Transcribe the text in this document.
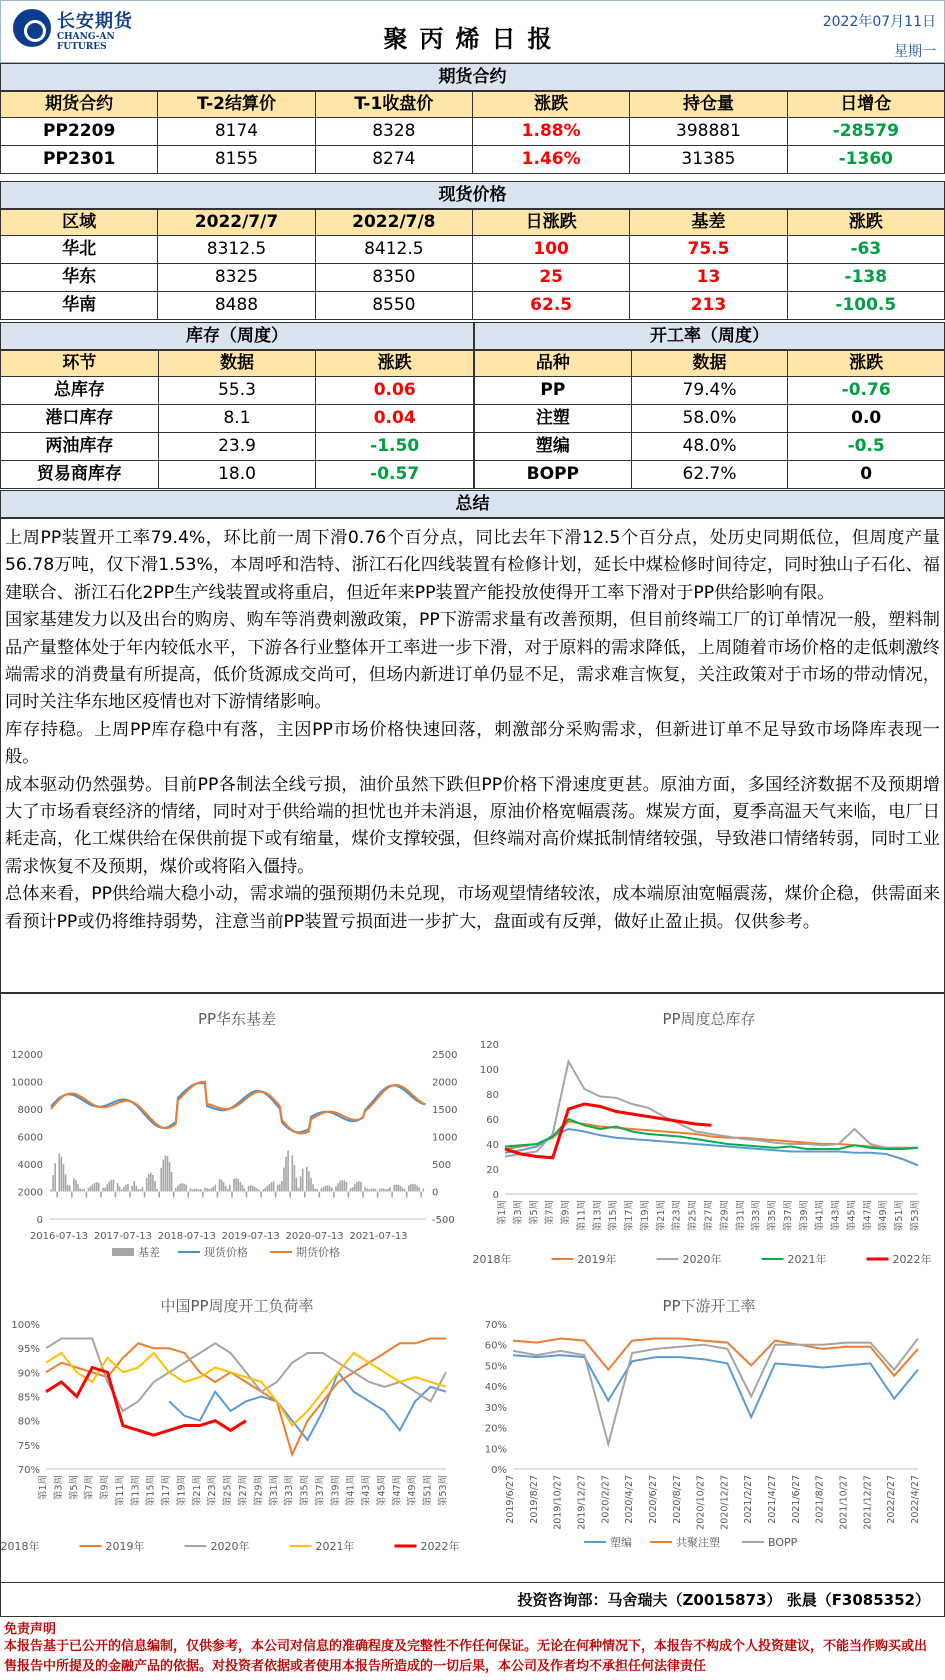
长安期货
CHANG-AN FUTURES	聚丙烯日报
2022年07月11日
星期一
期货合约
期货合约	T-2结算价	T-1收盘价	涨跌	持仓量	日增仓
PP2209	8174	8328	1.88%	398881	-28579
PP2301	8155	8274	1.46%	31385	-1360
现货价格
区域	2022/7/7	2022/7/8	日涨跌	基差	涨跌
华北	8312.5	8412.5	100	75.5	-63
华东	8325	8350	25	13	-138
华南	8488	8550	62.5	213	-100.5
库存（周度）
环节	数据	涨跌
总库存	55.3	0.06
港口库存	8.1	0.04
两油库存	23.9	-1.50
贸易商库存	18.0	-0.57
开工率（周度）
品种	数据	涨跌
PP	79.4%	-0.76
注塑	58.0%	0.0
塑编	48.0%	-0.5
BOPP	62.7%	0
总结

上周PP装置开工率79.4%，环比前一周下滑0.76个百分点，同比去年下滑12.5个百分点，处历史同期低位，但周度产量56.78万吨，仅下滑1.53%，本周呼和浩特、浙江石化四线装置有检修计划，延长中煤检修时间待定，同时独山子石化、福建联合、浙江石化2PP生产线装置或将重启，但近年来PP装置产能投放使得开工率下滑对于PP供给影响有限。

国家基建发力以及出台的购房、购车等消费刺激政策，PP下游需求量有改善预期，但目前终端工厂的订单情况一般，塑料制品产量整体处于年内较低水平，下游各行业整体开工率进一步下滑，对于原料的需求降低，上周随着市场价格的走低刺激终端需求的消费量有所提高，低价货源成交尚可，但场内新进订单仍显不足，需求难言恢复，关注政策对于市场的带动情况，同时关注华东地区疫情也对下游情绪影响。

库存持稳。上周PP库存稳中有落，主因PP市场价格快速回落，刺激部分采购需求，但新进订单不足导致市场降库表现一般。

成本驱动仍然强势。目前PP各制法全线亏损，油价虽然下跌但PP价格下滑速度更甚。原油方面，多国经济数据不及预期增大了市场看衰经济的情绪，同时对于供给端的担忧也并未消退，原油价格宽幅震荡。煤炭方面，夏季高温天气来临，电厂日耗走高，化工煤供给在保供前提下或有缩量，煤价支撑较强，但终端对高价煤抵制情绪较强，导致港口情绪转弱，同时工业需求恢复不及预期，煤价或将陷入僵持。

总体来看，PP供给端大稳小动，需求端的强预期仍未兑现，市场观望情绪较浓，成本端原油宽幅震荡，煤价企稳，供需面来看预计PP或仍将维持弱势，注意当前PP装置亏损面进一步扩大，盘面或有反弹，做好止盈止损。仅供参考。

PP华东基差
12000
10000
8000
6000
4000
2000
0
基差	现货价格	期货价格
2500
2000
1500
1000
500
0
-500
2016-07-13 2017-07-13 2018-07-13 2019-07-13 2020-07-13 2021-07-13
PP周度总库存
120
100
80
60
40
20
0
2018年	2019年	2020年	2021年	2022年
第1周 第3周 第5周 第7周 第9周 第11周 第13周 第15周 第17周 第19周 第21周 第23周 第25周 第27周 第29周 第31周 第33周 第35周 第37周 第39周 第41周 第43周 第45周 第47周 第49周 第51周 第53周
中国PP周度开工负荷率
100%
95%
90%
85%
80%
75%
70%
2018年	2019年	2020年	2021年	2022年
第1周 第3周 第5周 第7周 第9周 第11周 第13周 第15周 第17周 第19周 第21周 第23周 第25周 第27周 第29周 第31周 第33周 第35周 第37周 第39周 第41周 第43周 第45周 第47周 第49周 第51周 第53周
PP下游开工率
70%
60%
50%
40%
30%
20%
10%
0%
塑编	共聚注塑	BOPP
2019/6/27 2019/8/27 2019/10/27 2019/12/27 2020/2/27 2020/4/27 2020/6/27 2020/8/27 2020/10/27 2020/12/27 2021/2/27 2021/4/27 2021/6/27 2021/8/27 2021/10/27 2021/12/27 2022/2/27 2022/4/27
投资咨询部：马舍瑞夫（Z0015873） 张晨（F3085352）
免责声明
本报告基于已公开的信息编制，仅供参考，本公司对信息的准确程度及完整性不作任何保证。无论在何种情况下，本报告不构成个人投资建议，不能当作购买或出售报告中所提及的金融产品的依据。对投资者依据或者使用本报告所造成的一切后果，本公司及作者均不承担任何法律责任
